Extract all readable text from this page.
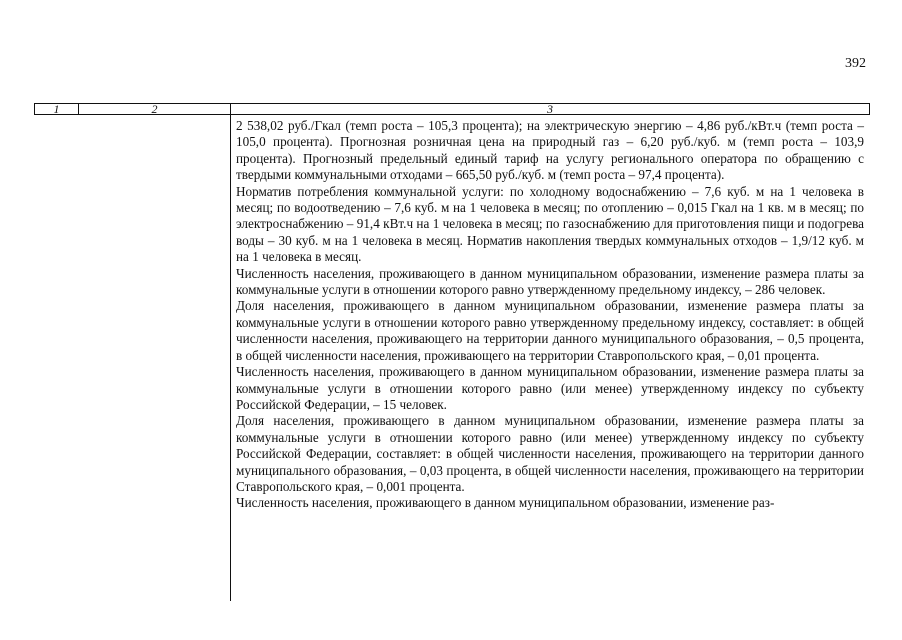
392
1	2	3

2 538,02 руб./Гкал (темп роста – 105,3 процента); на электрическую энергию – 4,86 руб./кВт.ч (темп роста – 105,0 процента). Прогнозная розничная цена на природный газ – 6,20 руб./куб. м (темп роста – 103,9 процента). Прогнозный предельный единый тариф на услугу регионального оператора по обращению с твердыми коммунальными отходами – 665,50 руб./куб. м (темп роста – 97,4 процента).

Норматив потребления коммунальной услуги: по холодному водоснабжению – 7,6 куб. м на 1 человека в месяц; по водоотведению – 7,6 куб. м на 1 человека в месяц; по отоплению – 0,015 Гкал на 1 кв. м в месяц; по электроснабжению – 91,4 кВт.ч на 1 человека в месяц; по газоснабжению для приготовления пищи и подогрева воды – 30 куб. м на 1 человека в месяц. Норматив накопления твердых коммунальных отходов – 1,9/12 куб. м на 1 человека в месяц.

Численность населения, проживающего в данном муниципальном образовании, изменение размера платы за коммунальные услуги в отношении которого равно утвержденному предельному индексу, – 286 человек.

Доля населения, проживающего в данном муниципальном образовании, изменение размера платы за коммунальные услуги в отношении которого равно утвержденному предельному индексу, составляет: в общей численности населения, проживающего на территории данного муниципального образования, – 0,5 процента, в общей численности населения, проживающего на территории Ставропольского края, – 0,01 процента.

Численность населения, проживающего в данном муниципальном образовании, изменение размера платы за коммунальные услуги в отношении которого равно (или менее) утвержденному индексу по субъекту Российской Федерации, – 15 человек.

Доля населения, проживающего в данном муниципальном образовании, изменение размера платы за коммунальные услуги в отношении которого равно (или менее) утвержденному индексу по субъекту Российской Федерации, составляет: в общей численности населения, проживающего на территории данного муниципального образования, – 0,03 процента, в общей численности населения, проживающего на территории Ставропольского края, – 0,001 процента.

Численность населения, проживающего в данном муниципальном образовании, изменение раз-
